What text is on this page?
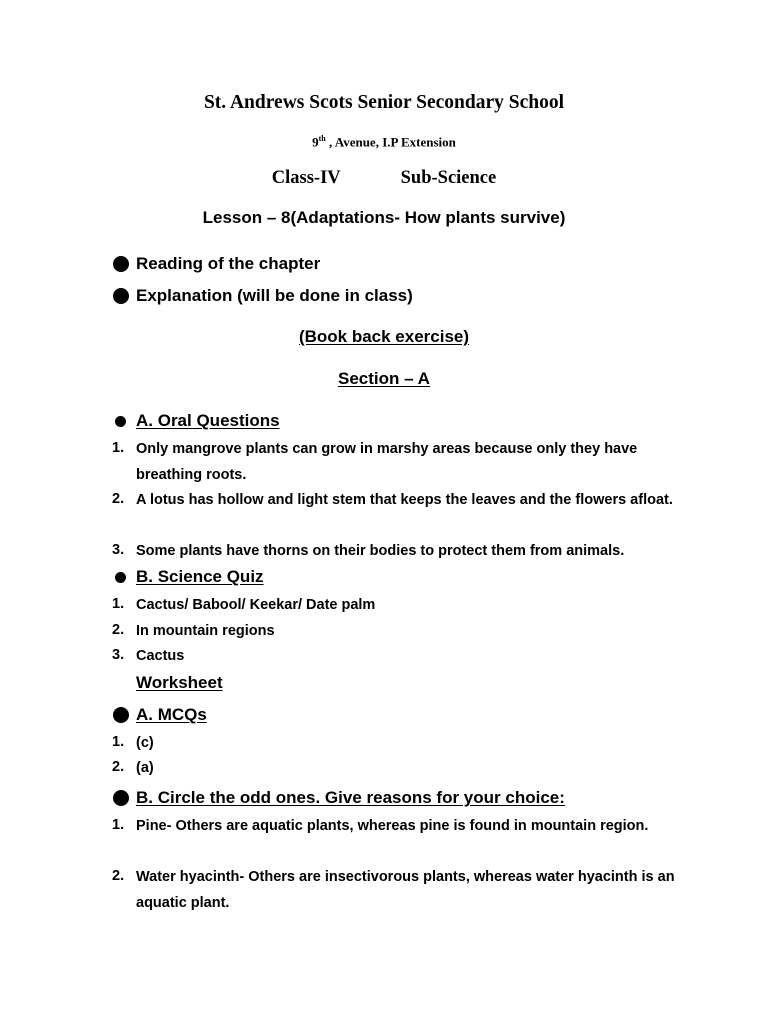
St. Andrews Scots Senior Secondary School
9th , Avenue, I.P Extension
Class-IV	Sub-Science
Lesson – 8(Adaptations- How plants survive)
Reading of the chapter
Explanation (will be done in class)
(Book back exercise)
Section – A
A. Oral Questions
1. Only mangrove plants can grow in marshy areas because only they have breathing roots.
2. A lotus has hollow and light stem that keeps the leaves and the flowers afloat.
3. Some plants have thorns on their bodies to protect them from animals.
B. Science Quiz
1. Cactus/ Babool/ Keekar/ Date palm
2. In mountain regions
3. Cactus
Worksheet
A. MCQs
1. (c)
2. (a)
B. Circle the odd ones. Give reasons for your choice:
1. Pine- Others are aquatic plants, whereas pine is found in mountain region.
2. Water hyacinth- Others are insectivorous plants, whereas water hyacinth is an aquatic plant.
